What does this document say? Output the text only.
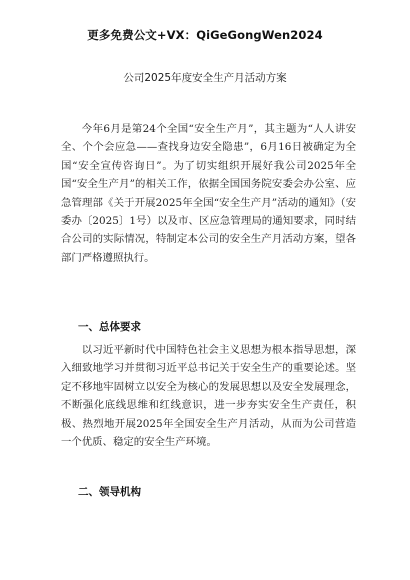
更多免费公文+VX：QiGeGongWen2024
公司2025年度安全生产月活动方案

今年6月是第24个全国“安全生产月”，其主题为“人人讲安全、个个会应急——查找身边安全隐患”，6月16日被确定为全国“安全宣传咨询日”。为了切实组织开展好我公司2025年全国“安全生产月”的相关工作，依据全国国务院安委会办公室、应急管理部《关于开展2025年全国“安全生产月”活动的通知》（安委办〔2025〕1号）以及市、区应急管理局的通知要求，同时结合公司的实际情况，特制定本公司的安全生产月活动方案，望各部门严格遵照执行。

一、总体要求

以习近平新时代中国特色社会主义思想为根本指导思想，深入细致地学习并贯彻习近平总书记关于安全生产的重要论述。坚定不移地牢固树立以安全为核心的发展思想以及安全发展理念，不断强化底线思维和红线意识，进一步夯实安全生产责任，积极、热烈地开展2025年全国安全生产月活动，从而为公司营造一个优质、稳定的安全生产环境。

二、领导机构
